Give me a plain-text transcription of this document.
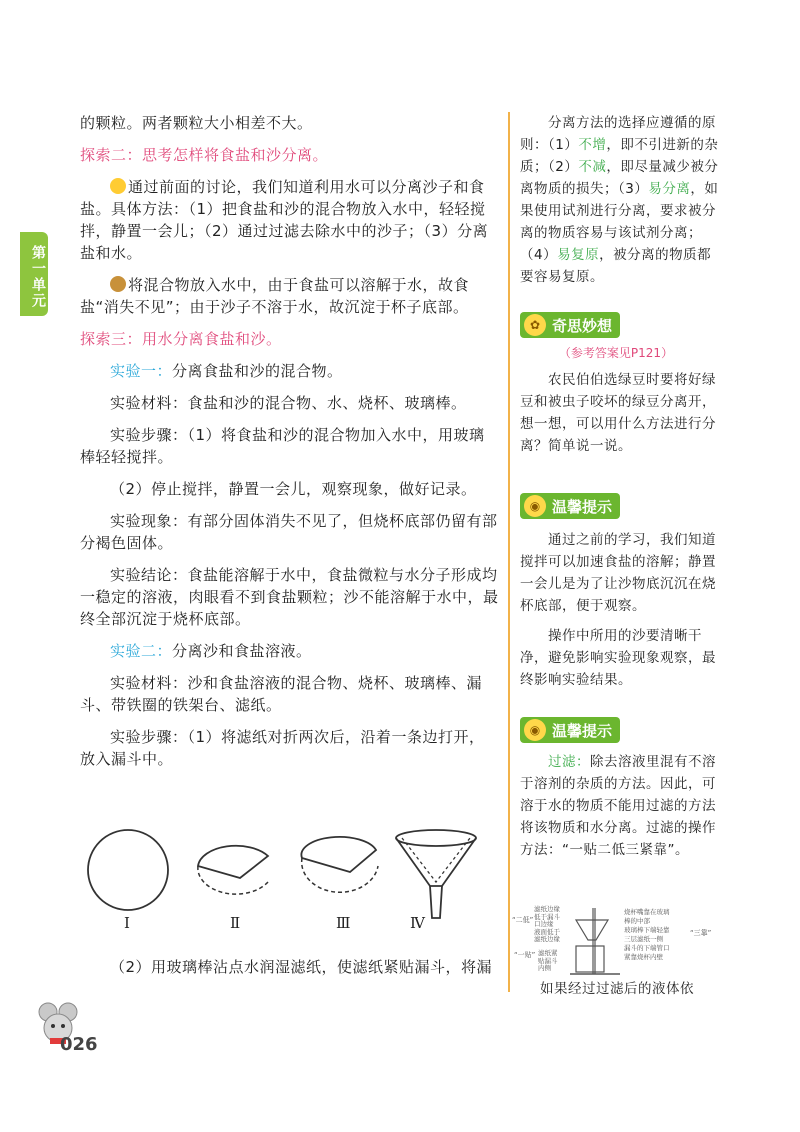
第一单元

的颗粒。两者颗粒大小相差不大。

探索二：思考怎样将食盐和沙分离。

通过前面的讨论，我们知道利用水可以分离沙子和食盐。具体方法：（1）把食盐和沙的混合物放入水中，轻轻搅拌，静置一会儿；（2）通过过滤去除水中的沙子；（3）分离盐和水。

将混合物放入水中，由于食盐可以溶解于水，故食盐“消失不见”；由于沙子不溶于水，故沉淀于杯子底部。

探索三：用水分离食盐和沙。

实验一：分离食盐和沙的混合物。

实验材料：食盐和沙的混合物、水、烧杯、玻璃棒。

实验步骤：（1）将食盐和沙的混合物加入水中，用玻璃棒轻轻搅拌。

（2）停止搅拌，静置一会儿，观察现象，做好记录。

实验现象：有部分固体消失不见了，但烧杯底部仍留有部分褐色固体。

实验结论：食盐能溶解于水中，食盐微粒与水分子形成均一稳定的溶液，肉眼看不到食盐颗粒；沙不能溶解于水中，最终全部沉淀于烧杯底部。

实验二：分离沙和食盐溶液。

实验材料：沙和食盐溶液的混合物、烧杯、玻璃棒、漏斗、带铁圈的铁架台、滤纸。

实验步骤：（1）将滤纸对折两次后，沿着一条边打开，放入漏斗中。

Ⅰ	Ⅱ	Ⅲ	Ⅳ

（2）用玻璃棒沾点水润湿滤纸，使滤纸紧贴漏斗，将漏

分离方法的选择应遵循的原则：（1）不增，即不引进新的杂质；（2）不减，即尽量减少被分离物质的损失；（3）易分离，如果使用试剂进行分离，要求被分离的物质容易与该试剂分离；（4）易复原，被分离的物质都要容易复原。

✿ 奇思妙想
（参考答案见P121）

农民伯伯选绿豆时要将好绿豆和被虫子咬坏的绿豆分离开，想一想，可以用什么方法进行分离？简单说一说。

◉ 温馨提示

通过之前的学习，我们知道搅拌可以加速食盐的溶解；静置一会儿是为了让沙物底沉沉在烧杯底部，便于观察。

操作中所用的沙要清晰干净，避免影响实验现象观察，最终影响实验结果。

◉ 温馨提示

过滤：除去溶液里混有不溶于溶剂的杂质的方法。因此，可溶于水的物质不能用过滤的方法将该物质和水分离。过滤的操作方法：“一贴二低三紧靠”。

“二低”
滤纸边缘
低于漏斗
口边缘
液面低于
滤纸边缘
“一贴” 滤纸紧
贴漏斗
内侧
烧杯嘴靠在玻璃
棒的中部
玻璃棒下端轻靠
三层滤纸一侧
漏斗的下端管口
紧靠烧杯内壁
“三靠”

如果经过过滤后的液体依

026
